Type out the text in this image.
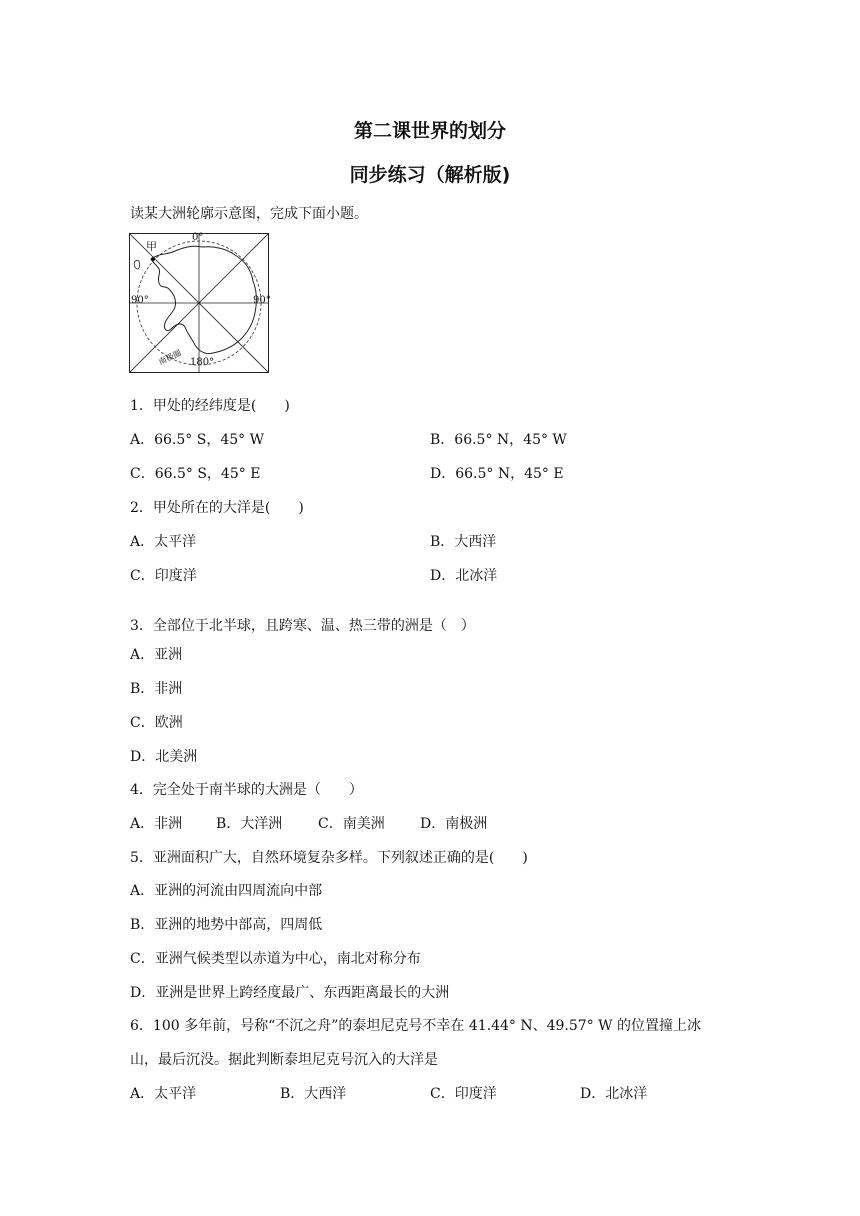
第二课世界的划分
同步练习（解析版)
读某大洲轮廓示意图，完成下面小题。
甲
0°
90°	90°
180°
南极圈
1．甲处的经纬度是(　　)
A．66.5° S，45° W	B．66.5° N，45° W
C．66.5° S，45° E	D．66.5° N，45° E
2．甲处所在的大洋是(　　)
A．太平洋	B．大西洋
C．印度洋	D．北冰洋
3．全部位于北半球，且跨寒、温、热三带的洲是（　）
A．亚洲
B．非洲
C．欧洲
D．北美洲
4．完全处于南半球的大洲是（　　）
A．非洲 B．大洋洲	C．南美洲	D．南极洲
5．亚洲面积广大，自然环境复杂多样。下列叙述正确的是(　　)
A．亚洲的河流由四周流向中部
B．亚洲的地势中部高，四周低
C．亚洲气候类型以赤道为中心，南北对称分布
D．亚洲是世界上跨经度最广、东西距离最长的大洲
6．100 多年前，号称“不沉之舟”的泰坦尼克号不幸在 41.44° N、49.57° W 的位置撞上冰
山，最后沉没。据此判断泰坦尼克号沉入的大洋是
A．太平洋	B．大西洋	C．印度洋	D．北冰洋
